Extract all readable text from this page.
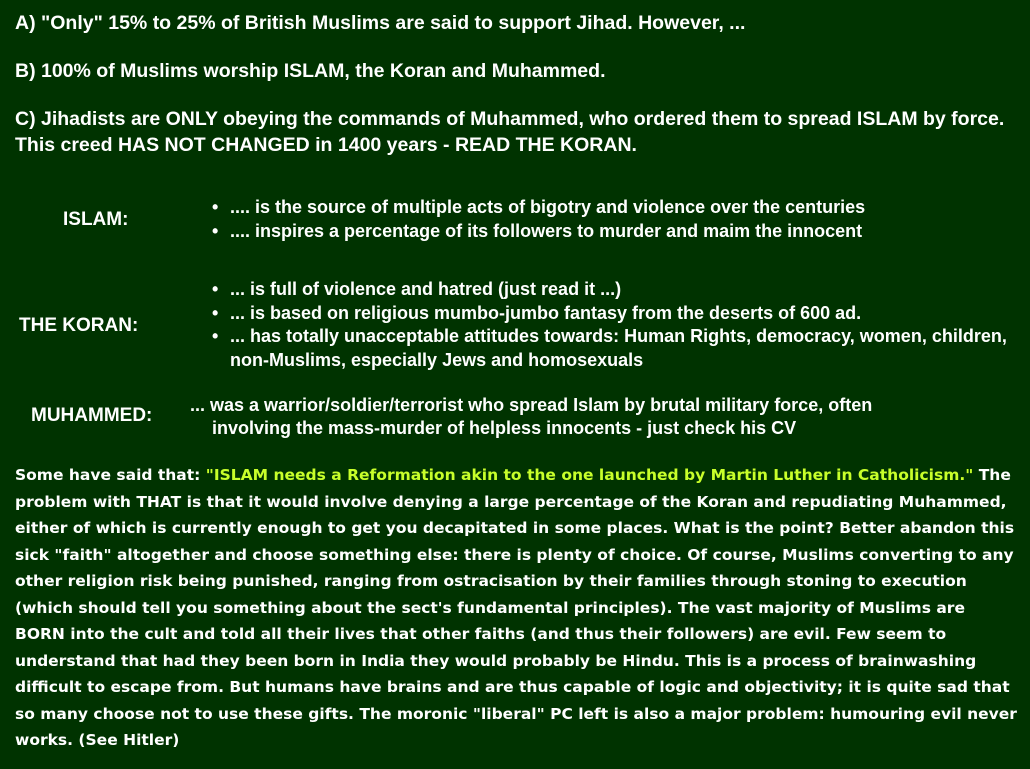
A) "Only" 15% to 25% of British Muslims are said to support Jihad. However, ...

B) 100% of Muslims worship ISLAM, the Koran and Muhammed.

C) Jihadists are ONLY obeying the commands of Muhammed, who ordered them to spread ISLAM by force. This creed HAS NOT CHANGED in 1400 years - READ THE KORAN.

ISLAM:
• .... is the source of multiple acts of bigotry and violence over the centuries
• .... inspires a percentage of its followers to murder and maim the innocent
THE KORAN:
• ... is full of violence and hatred (just read it ...)
• ... is based on religious mumbo-jumbo fantasy from the deserts of 600 ad.
• ... has totally unacceptable attitudes towards: Human Rights, democracy, women, children, non-Muslims, especially Jews and homosexuals
MUHAMMED: ... was a warrior/soldier/terrorist who spread Islam by brutal military force, often
involving the mass-murder of helpless innocents - just check his CV

Some have said that: "ISLAM needs a Reformation akin to the one launched by Martin Luther in Catholicism." The problem with THAT is that it would involve denying a large percentage of the Koran and repudiating Muhammed, either of which is currently enough to get you decapitated in some places. What is the point? Better abandon this sick "faith" altogether and choose something else: there is plenty of choice. Of course, Muslims converting to any other religion risk being punished, ranging from ostracisation by their families through stoning to execution (which should tell you something about the sect's fundamental principles). The vast majority of Muslims are BORN into the cult and told all their lives that other faiths (and thus their followers) are evil. Few seem to understand that had they been born in India they would probably be Hindu. This is a process of brainwashing difficult to escape from. But humans have brains and are thus capable of logic and objectivity; it is quite sad that so many choose not to use these gifts. The moronic "liberal" PC left is also a major problem: humouring evil never works. (See Hitler)
